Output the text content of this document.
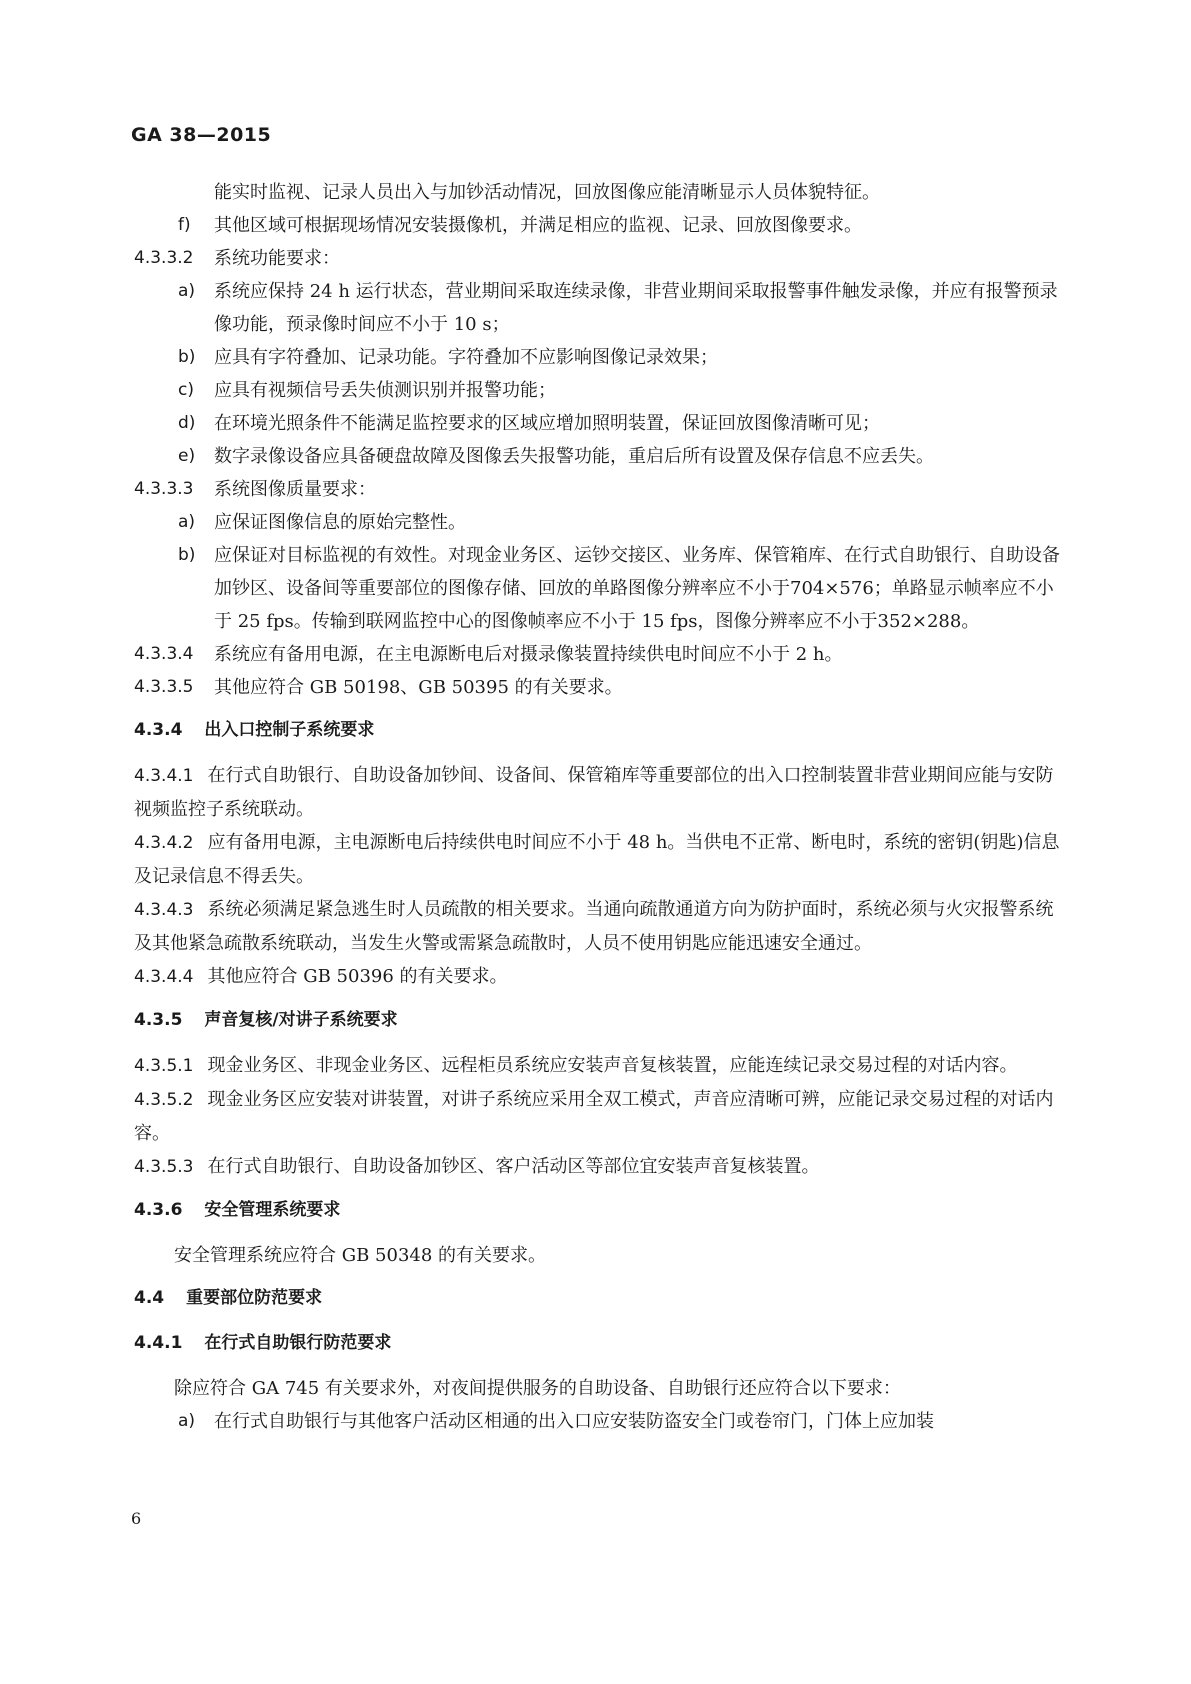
GA 38—2015

能实时监视、记录人员出入与加钞活动情况，回放图像应能清晰显示人员体貌特征。

f) 其他区域可根据现场情况安装摄像机，并满足相应的监视、记录、回放图像要求。

4.3.3.2 系统功能要求：

a) 系统应保持 24 h 运行状态，营业期间采取连续录像，非营业期间采取报警事件触发录像，并应有报警预录像功能，预录像时间应不小于 10 s；

b) 应具有字符叠加、记录功能。字符叠加不应影响图像记录效果；

c) 应具有视频信号丢失侦测识别并报警功能；

d) 在环境光照条件不能满足监控要求的区域应增加照明装置，保证回放图像清晰可见；

e) 数字录像设备应具备硬盘故障及图像丢失报警功能，重启后所有设置及保存信息不应丢失。

4.3.3.3 系统图像质量要求：

a) 应保证图像信息的原始完整性。

b) 应保证对目标监视的有效性。对现金业务区、运钞交接区、业务库、保管箱库、在行式自助银行、自助设备加钞区、设备间等重要部位的图像存储、回放的单路图像分辨率应不小于704×576；单路显示帧率应不小于 25 fps。传输到联网监控中心的图像帧率应不小于 15 fps，图像分辨率应不小于352×288。

4.3.3.4 系统应有备用电源，在主电源断电后对摄录像装置持续供电时间应不小于 2 h。

4.3.3.5 其他应符合 GB 50198、GB 50395 的有关要求。

4.3.4 出入口控制子系统要求

4.3.4.1 在行式自助银行、自助设备加钞间、设备间、保管箱库等重要部位的出入口控制装置非营业期间应能与安防视频监控子系统联动。

4.3.4.2 应有备用电源，主电源断电后持续供电时间应不小于 48 h。当供电不正常、断电时，系统的密钥(钥匙)信息及记录信息不得丢失。

4.3.4.3 系统必须满足紧急逃生时人员疏散的相关要求。当通向疏散通道方向为防护面时，系统必须与火灾报警系统及其他紧急疏散系统联动，当发生火警或需紧急疏散时，人员不使用钥匙应能迅速安全通过。

4.3.4.4 其他应符合 GB 50396 的有关要求。

4.3.5 声音复核/对讲子系统要求

4.3.5.1 现金业务区、非现金业务区、远程柜员系统应安装声音复核装置，应能连续记录交易过程的对话内容。

4.3.5.2 现金业务区应安装对讲装置，对讲子系统应采用全双工模式，声音应清晰可辨，应能记录交易过程的对话内容。

4.3.5.3 在行式自助银行、自助设备加钞区、客户活动区等部位宜安装声音复核装置。

4.3.6 安全管理系统要求

安全管理系统应符合 GB 50348 的有关要求。

4.4 重要部位防范要求

4.4.1 在行式自助银行防范要求

除应符合 GA 745 有关要求外，对夜间提供服务的自助设备、自助银行还应符合以下要求：

a) 在行式自助银行与其他客户活动区相通的出入口应安装防盗安全门或卷帘门，门体上应加装

6
